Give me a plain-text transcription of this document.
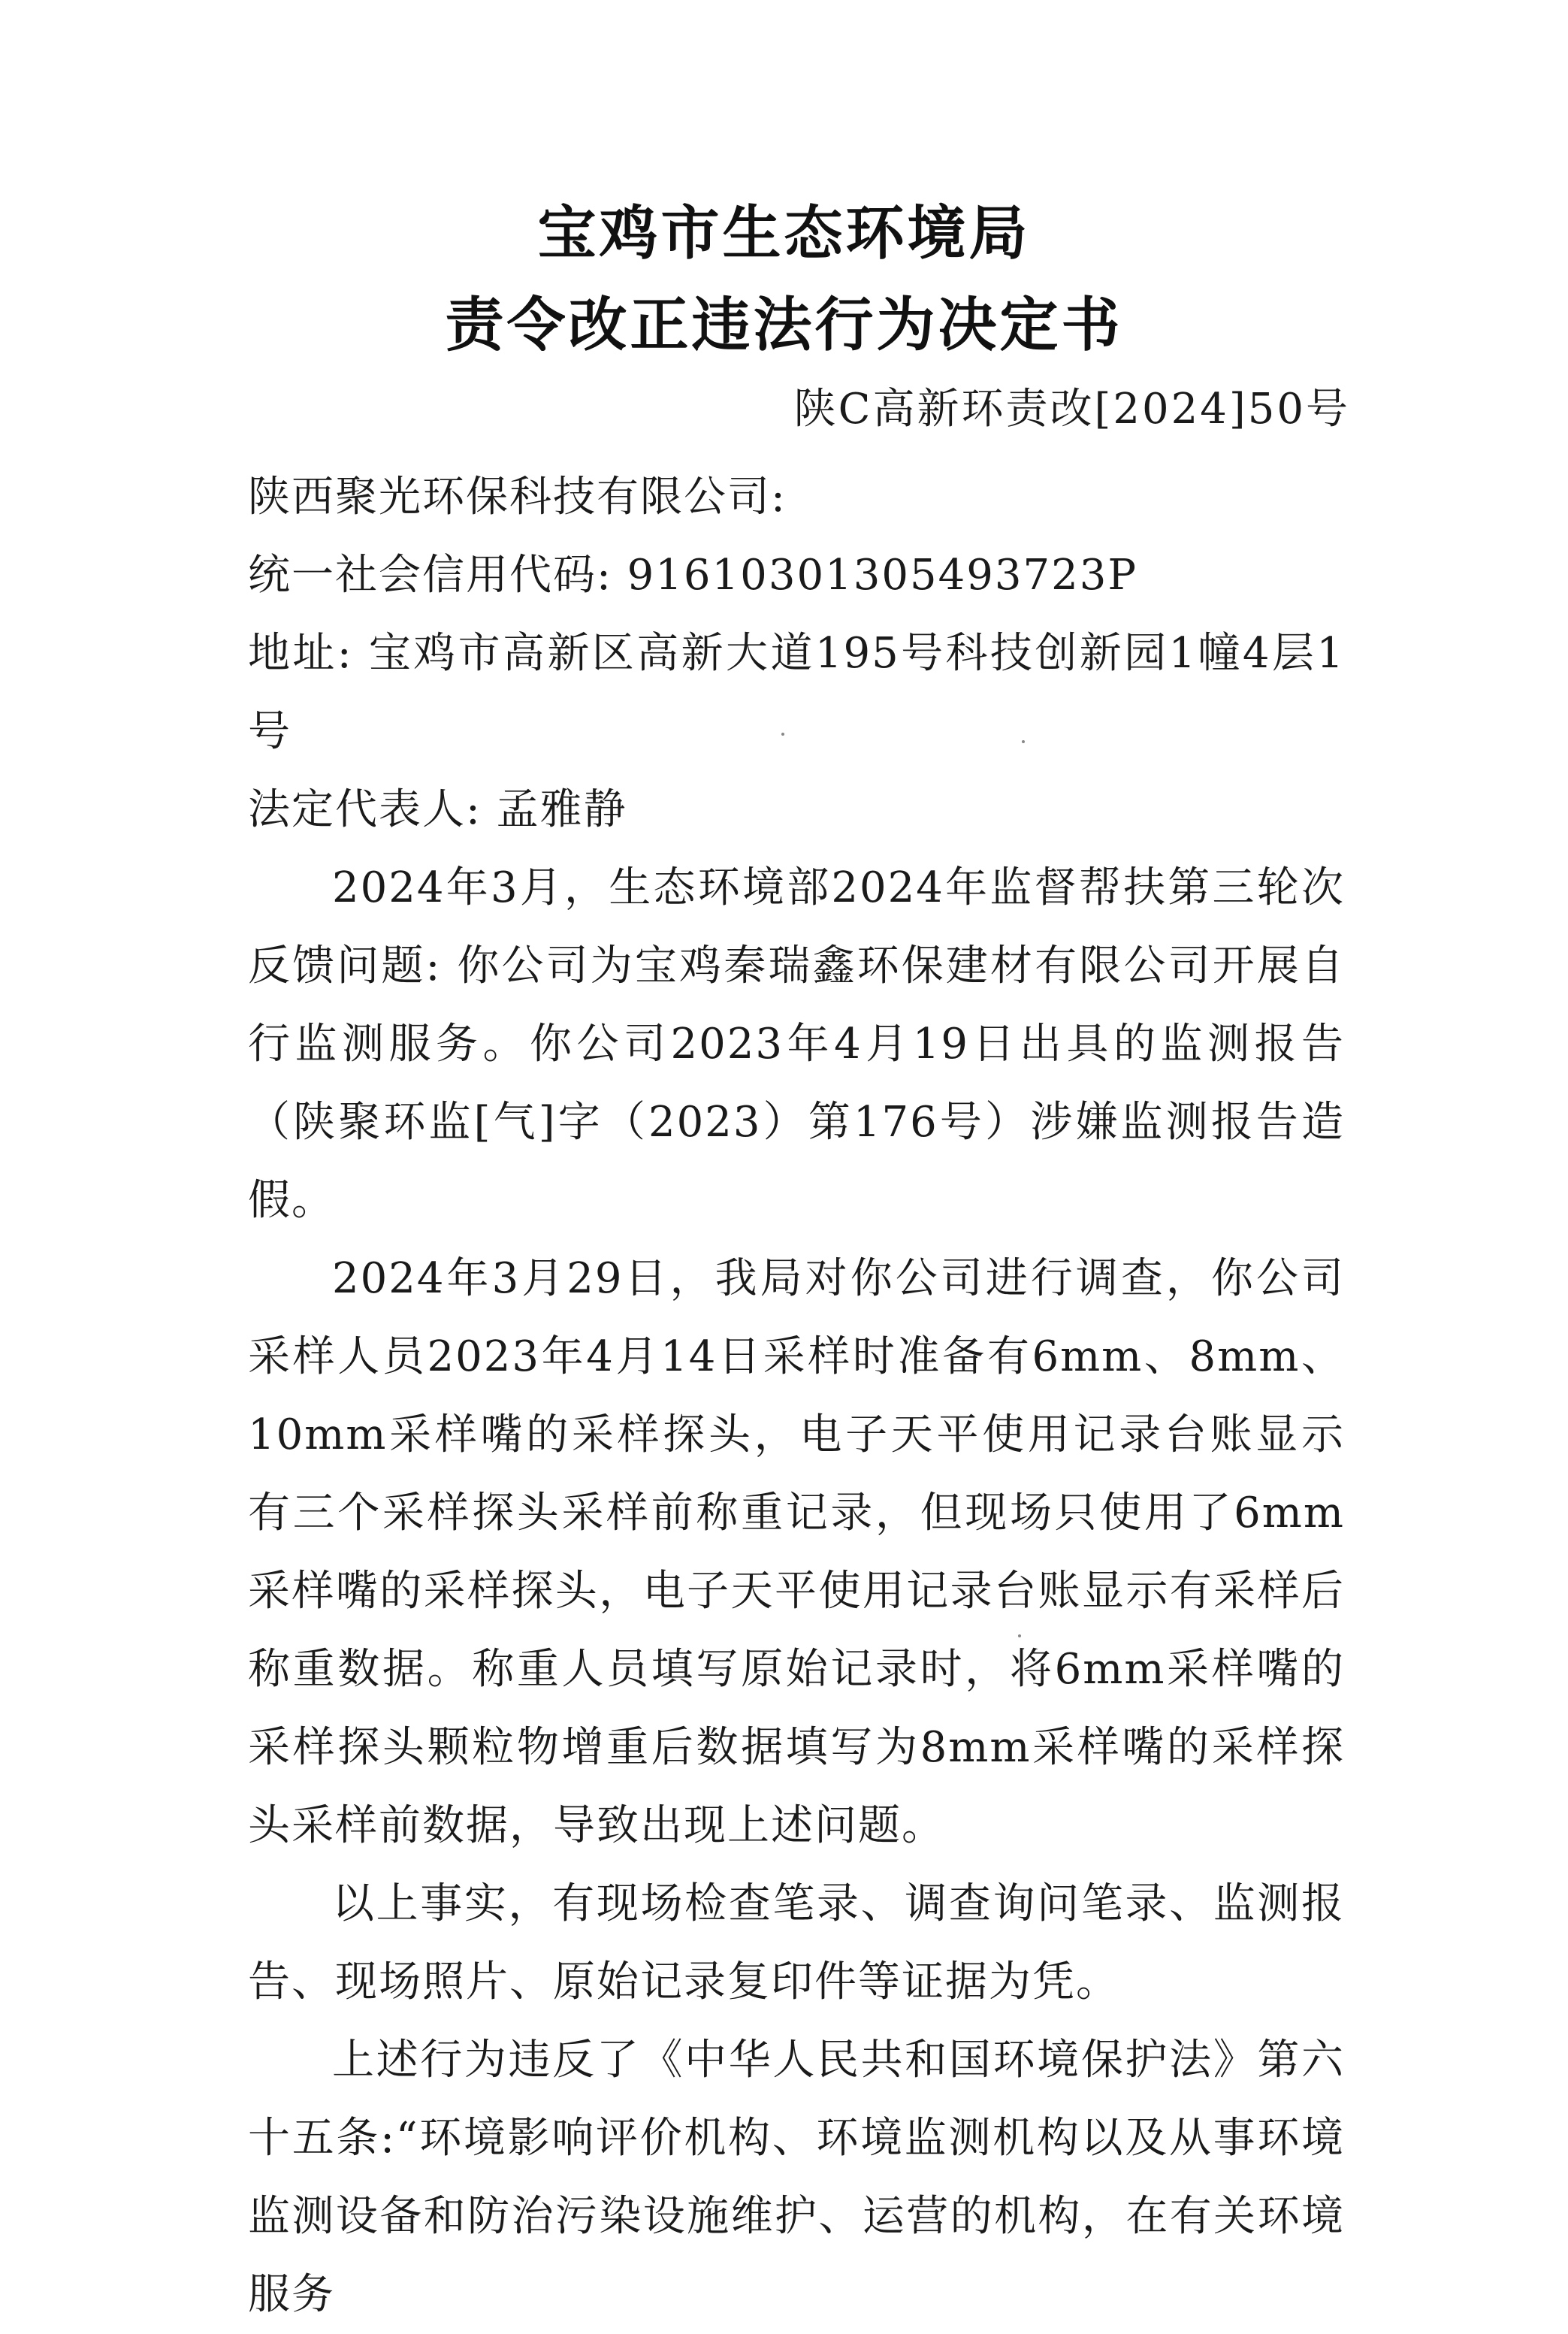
宝鸡市生态环境局
责令改正违法行为决定书
陕C高新环责改[2024]50号

陕西聚光环保科技有限公司:

统一社会信用代码: 91610301305493723P

地址: 宝鸡市高新区高新大道195号科技创新园1幢4层1号

法定代表人: 孟雅静

2024年3月，生态环境部2024年监督帮扶第三轮次反馈问题: 你公司为宝鸡秦瑞鑫环保建材有限公司开展自行监测服务。你公司2023年4月19日出具的监测报告（陕聚环监[气]字（2023）第176号）涉嫌监测报告造假。

2024年3月29日，我局对你公司进行调查，你公司采样人员2023年4月14日采样时准备有6mm、8mm、10mm采样嘴的采样探头，电子天平使用记录台账显示有三个采样探头采样前称重记录，但现场只使用了6mm采样嘴的采样探头，电子天平使用记录台账显示有采样后称重数据。称重人员填写原始记录时，将6mm采样嘴的采样探头颗粒物增重后数据填写为8mm采样嘴的采样探头采样前数据，导致出现上述问题。

以上事实，有现场检查笔录、调查询问笔录、监测报告、现场照片、原始记录复印件等证据为凭。

上述行为违反了《中华人民共和国环境保护法》第六十五条:“环境影响评价机构、环境监测机构以及从事环境监测设备和防治污染设施维护、运营的机构，在有关环境服务
